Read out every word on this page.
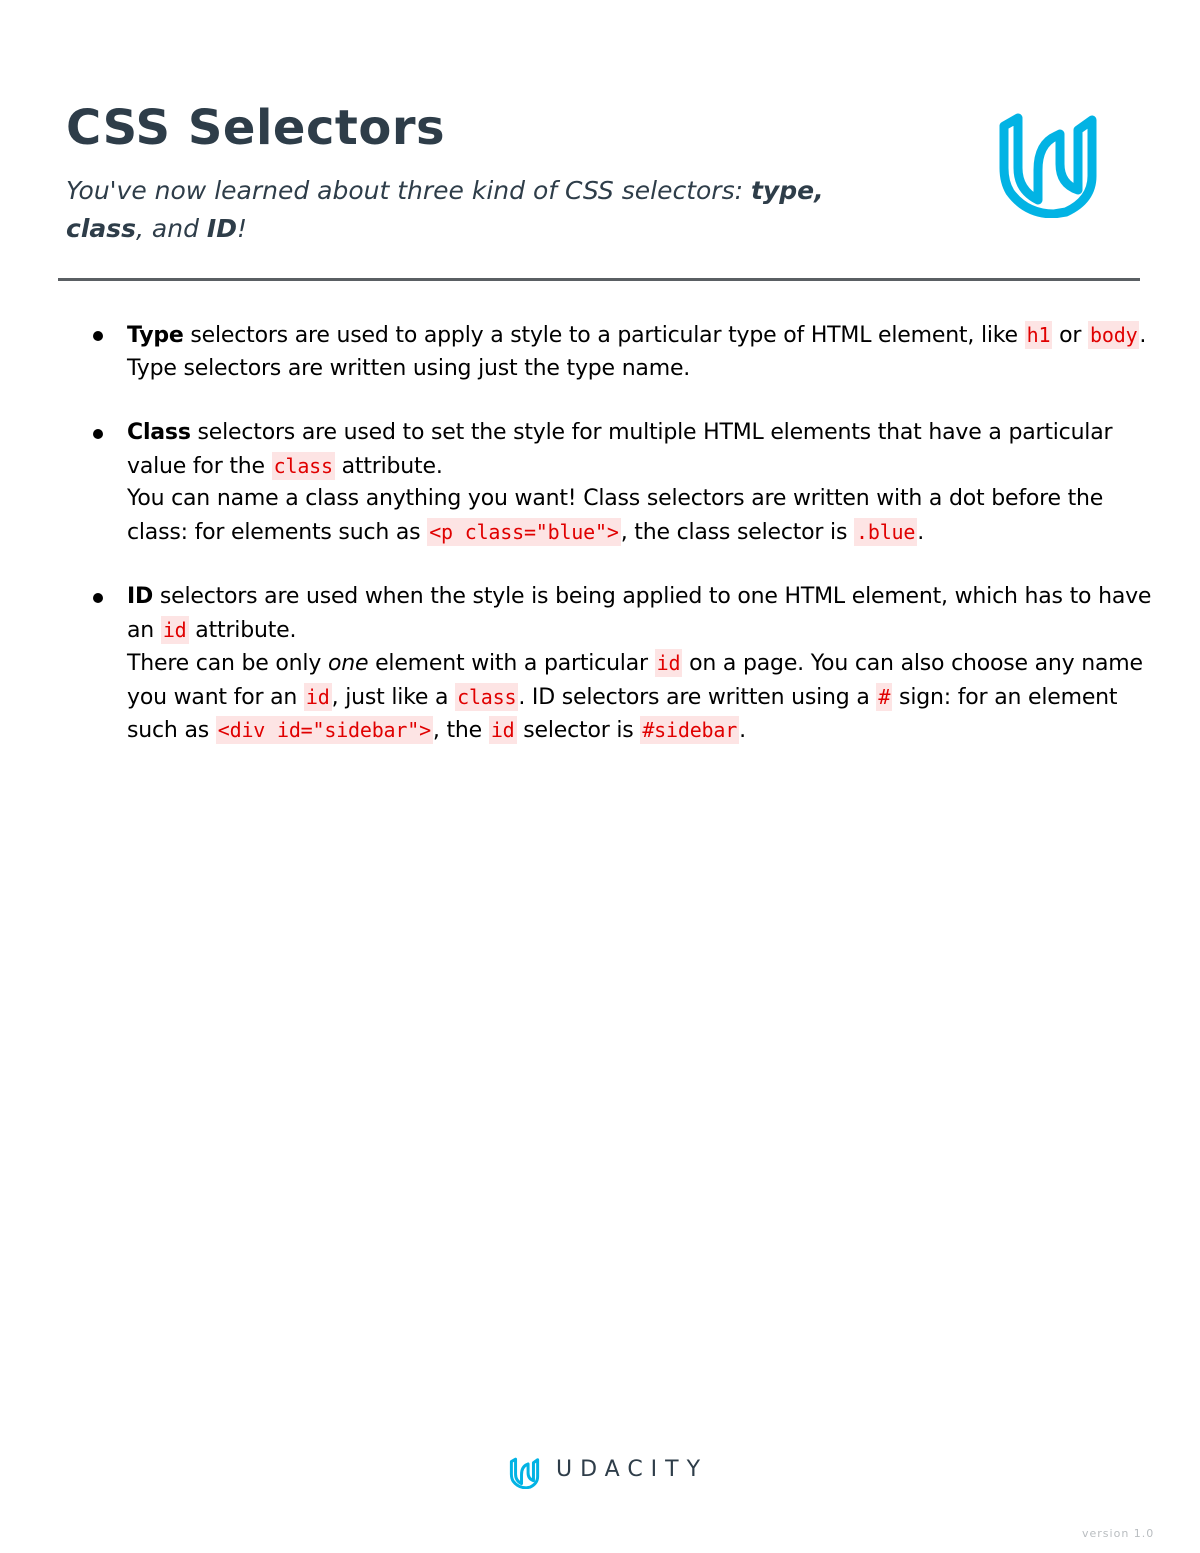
CSS Selectors

You've now learned about three kind of CSS selectors: type, class, and ID!

Type selectors are used to apply a style to a particular type of HTML element, like h1 or body.
Type selectors are written using just the type name.
Class selectors are used to set the style for multiple HTML elements that have a particular value for the class attribute.
You can name a class anything you want! Class selectors are written with a dot before the class: for elements such as <p class="blue">, the class selector is .blue.
ID selectors are used when the style is being applied to one HTML element, which has to have an id attribute.
There can be only one element with a particular id on a page. You can also choose any name you want for an id, just like a class. ID selectors are written using a # sign: for an element such as <div id="sidebar">, the id selector is #sidebar.
UDACITY
version 1.0
